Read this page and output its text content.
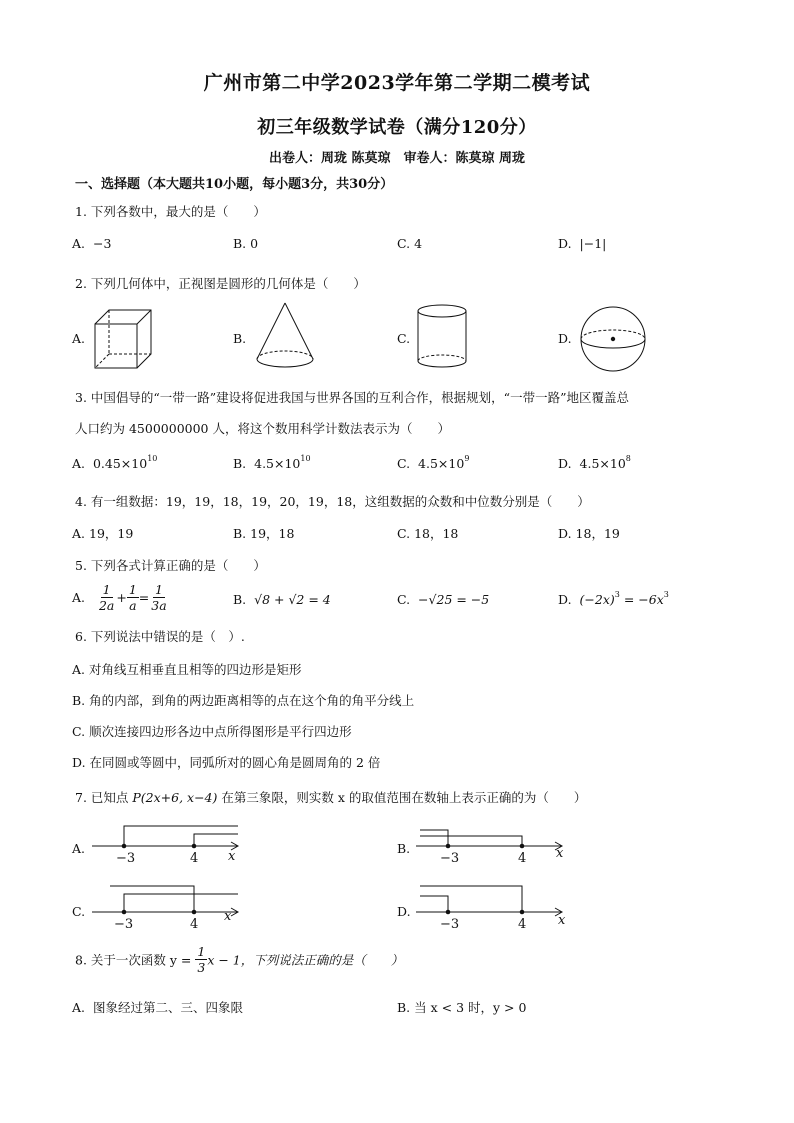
广州市第二中学2023学年第二学期二模考试
初三年级数学试卷（满分120分）
出卷人：周珑 陈莫琼　审卷人：陈莫琼 周珑
一、选择题（本大题共10小题，每小题3分，共30分）
1. 下列各数中，最大的是（　　）
A. −3	B. 0	C. 4	D. |−1|
2. 下列几何体中，正视图是圆形的几何体是（　　）
A.	B.	C.	D.
3. 中国倡导的“一带一路”建设将促进我国与世界各国的互利合作，根据规划，“一带一路”地区覆盖总
人口约为 4500000000 人，将这个数用科学计数法表示为（　　）
A. $0.45\times 10^{10}$	B. $4.5\times 10^{10}$	C. $4.5\times 10^9$	D. $4.5\times 10^8$
4. 有一组数据：19，19，18，19，20，19，18，这组数据的众数和中位数分别是（　　）
A. 19，19	B. 19，18	C. 18，18	D. 18，19
5. 下列各式计算正确的是（　　）
A. $\frac{1}{2a} + \frac{1}{a} = \frac{1}{3a}$	B. √8 + √2 = 4	C. −√25 = −5	D. $(-2x)^3 = -6x^3$
6. 下列说法中错误的是（　）.
A. 对角线互相垂直且相等的四边形是矩形
B. 角的内部，到角的两边距离相等的点在这个角的角平分线上
C. 顺次连接四边形各边中点所得图形是平行四边形
D. 在同圆或等圆中，同弧所对的圆心角是圆周角的 2 倍
7. 已知点 P(2x+6, x−4) 在第三象限，则实数 x 的取值范围在数轴上表示正确的为（　　）
A.
−3	4 x
B.
−3	4 x
C.
−3	4
x	D.
−3	4 x
8. 关于一次函数 $y = \frac{1}{3}$ x − 1，下列说法正确的是（　　）
A. 图象经过第二、三、四象限	B. 当 x < 3 时，y > 0
